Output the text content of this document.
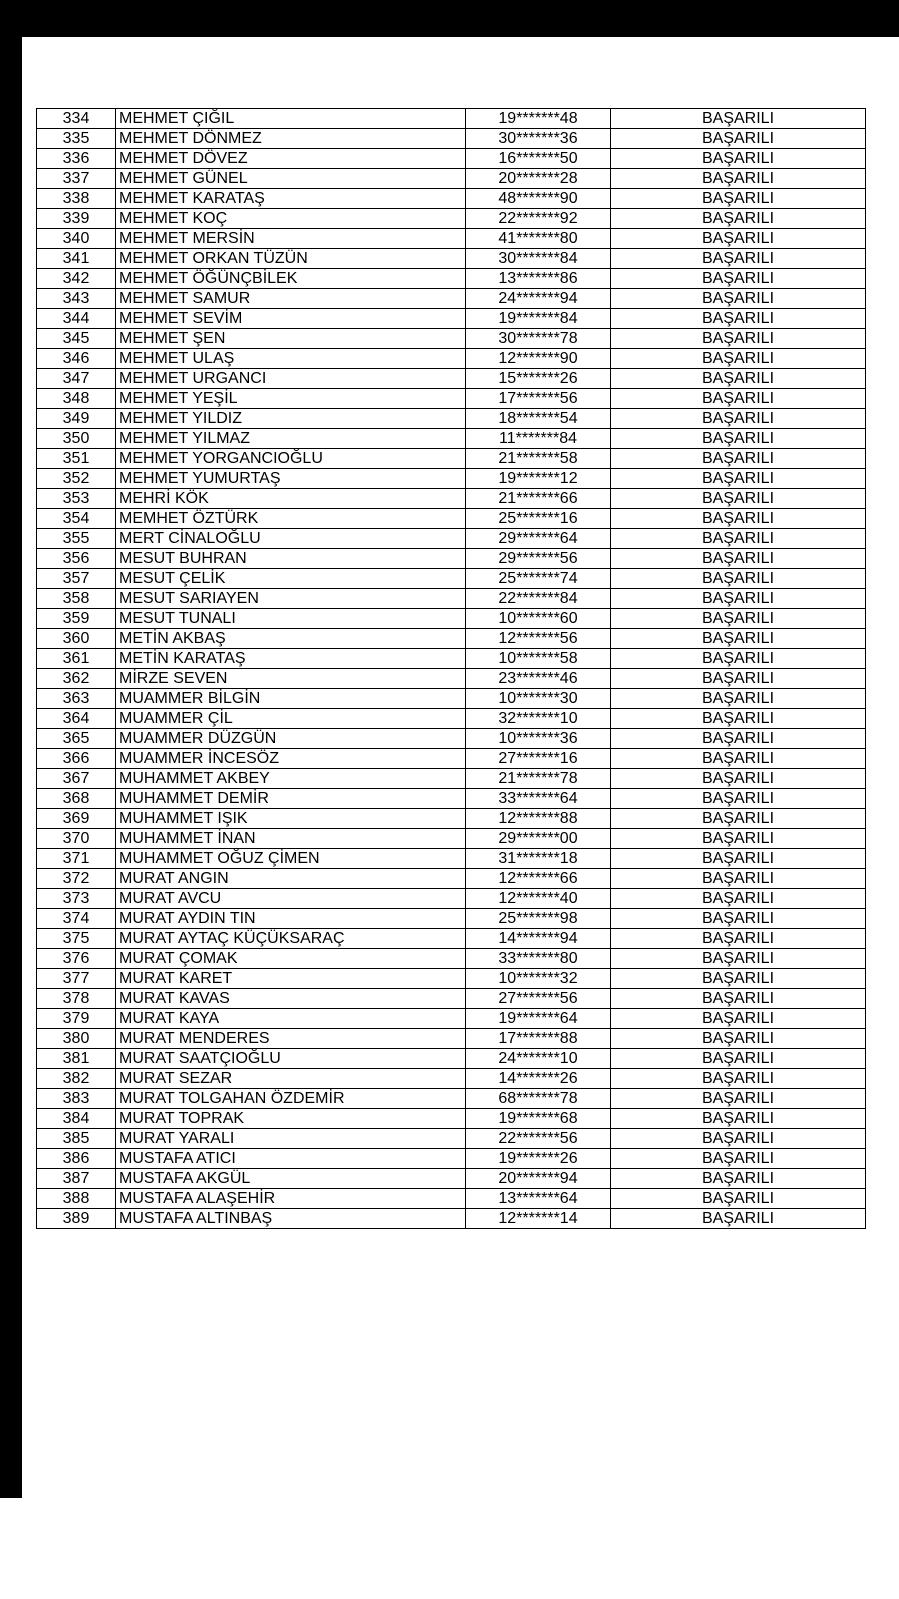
334	MEHMET ÇIĞIL	19*******48	BAŞARILI
335	MEHMET DÖNMEZ	30*******36	BAŞARILI
336	MEHMET DÖVEZ	16*******50	BAŞARILI
337	MEHMET GÜNEL	20*******28	BAŞARILI
338	MEHMET KARATAŞ	48*******90	BAŞARILI
339	MEHMET KOÇ	22*******92	BAŞARILI
340	MEHMET MERSİN	41*******80	BAŞARILI
341	MEHMET ORKAN TÜZÜN	30*******84	BAŞARILI
342	MEHMET ÖĞÜNÇBİLEK	13*******86	BAŞARILI
343	MEHMET SAMUR	24*******94	BAŞARILI
344	MEHMET SEVİM	19*******84	BAŞARILI
345	MEHMET ŞEN	30*******78	BAŞARILI
346	MEHMET ULAŞ	12*******90	BAŞARILI
347	MEHMET URGANCI	15*******26	BAŞARILI
348	MEHMET YEŞİL	17*******56	BAŞARILI
349	MEHMET YILDIZ	18*******54	BAŞARILI
350	MEHMET YILMAZ	11*******84	BAŞARILI
351	MEHMET YORGANCIOĞLU	21*******58	BAŞARILI
352	MEHMET YUMURTAŞ	19*******12	BAŞARILI
353	MEHRİ KÖK	21*******66	BAŞARILI
354	MEMHET ÖZTÜRK	25*******16	BAŞARILI
355	MERT CİNALOĞLU	29*******64	BAŞARILI
356	MESUT BUHRAN	29*******56	BAŞARILI
357	MESUT ÇELİK	25*******74	BAŞARILI
358	MESUT SARIAYEN	22*******84	BAŞARILI
359	MESUT TUNALI	10*******60	BAŞARILI
360	METİN AKBAŞ	12*******56	BAŞARILI
361	METİN KARATAŞ	10*******58	BAŞARILI
362	MİRZE SEVEN	23*******46	BAŞARILI
363	MUAMMER BİLGİN	10*******30	BAŞARILI
364	MUAMMER ÇİL	32*******10	BAŞARILI
365	MUAMMER DÜZGÜN	10*******36	BAŞARILI
366	MUAMMER İNCESÖZ	27*******16	BAŞARILI
367	MUHAMMET AKBEY	21*******78	BAŞARILI
368	MUHAMMET DEMİR	33*******64	BAŞARILI
369	MUHAMMET IŞIK	12*******88	BAŞARILI
370	MUHAMMET İNAN	29*******00	BAŞARILI
371	MUHAMMET OĞUZ ÇİMEN	31*******18	BAŞARILI
372	MURAT ANGIN	12*******66	BAŞARILI
373	MURAT AVCU	12*******40	BAŞARILI
374	MURAT AYDIN TIN	25*******98	BAŞARILI
375	MURAT AYTAÇ KÜÇÜKSARAÇ	14*******94	BAŞARILI
376	MURAT ÇOMAK	33*******80	BAŞARILI
377	MURAT KARET	10*******32	BAŞARILI
378	MURAT KAVAS	27*******56	BAŞARILI
379	MURAT KAYA	19*******64	BAŞARILI
380	MURAT MENDERES	17*******88	BAŞARILI
381	MURAT SAATÇIOĞLU	24*******10	BAŞARILI
382	MURAT SEZAR	14*******26	BAŞARILI
383	MURAT TOLGAHAN ÖZDEMİR	68*******78	BAŞARILI
384	MURAT TOPRAK	19*******68	BAŞARILI
385	MURAT YARALI	22*******56	BAŞARILI
386	MUSTAFA ATICI	19*******26	BAŞARILI
387	MUSTAFA AKGÜL	20*******94	BAŞARILI
388	MUSTAFA ALAŞEHİR	13*******64	BAŞARILI
389	MUSTAFA ALTINBAŞ	12*******14	BAŞARILI
